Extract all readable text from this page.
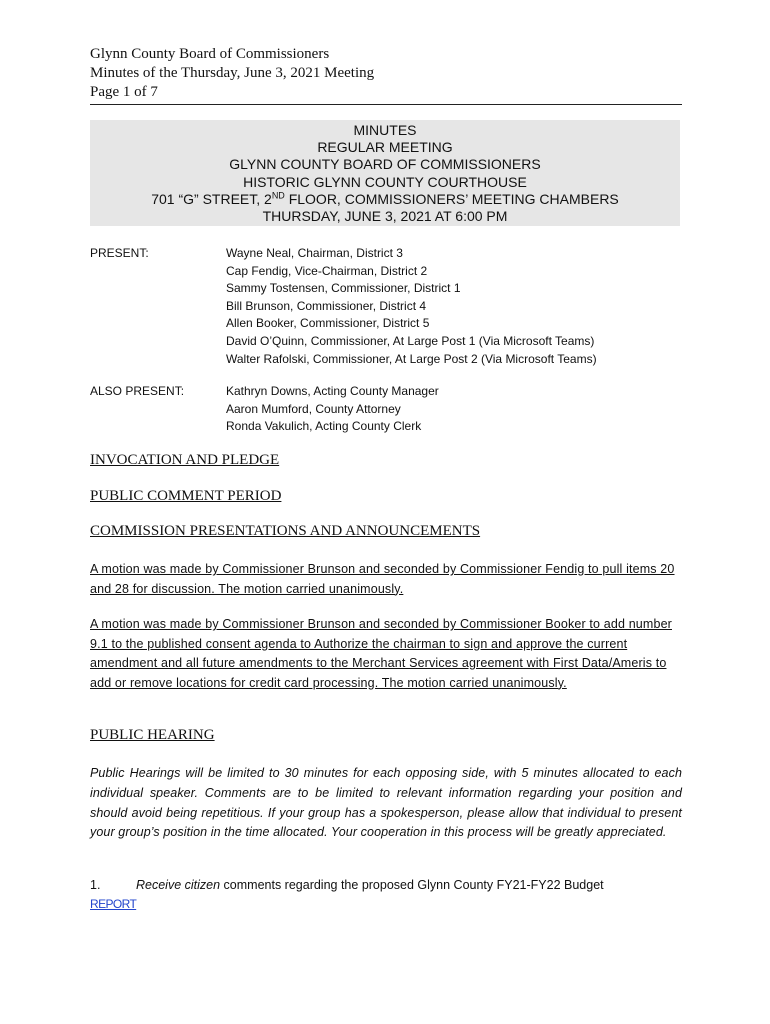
Glynn County Board of Commissioners
Minutes of the Thursday, June 3, 2021 Meeting
Page 1 of 7
MINUTES
REGULAR MEETING
GLYNN COUNTY BOARD OF COMMISSIONERS
HISTORIC GLYNN COUNTY COURTHOUSE
701 “G” STREET, 2ND FLOOR, COMMISSIONERS’ MEETING CHAMBERS
THURSDAY, JUNE 3, 2021 AT 6:00 PM
PRESENT:	Wayne Neal, Chairman, District 3
Cap Fendig, Vice-Chairman, District 2
Sammy Tostensen, Commissioner, District 1
Bill Brunson, Commissioner, District 4
Allen Booker, Commissioner, District 5
David O’Quinn, Commissioner, At Large Post 1 (Via Microsoft Teams)
Walter Rafolski, Commissioner, At Large Post 2 (Via Microsoft Teams)
ALSO PRESENT:	Kathryn Downs, Acting County Manager
Aaron Mumford, County Attorney
Ronda Vakulich, Acting County Clerk
INVOCATION AND PLEDGE
PUBLIC COMMENT PERIOD
COMMISSION PRESENTATIONS AND ANNOUNCEMENTS
A motion was made by Commissioner Brunson and seconded by Commissioner Fendig to pull items 20 and 28 for discussion. The motion carried unanimously.
A motion was made by Commissioner Brunson and seconded by Commissioner Booker to add number 9.1 to the published consent agenda to Authorize the chairman to sign and approve the current amendment and all future amendments to the Merchant Services agreement with First Data/Ameris to add or remove locations for credit card processing. The motion carried unanimously.
PUBLIC HEARING
Public Hearings will be limited to 30 minutes for each opposing side, with 5 minutes allocated to each individual speaker. Comments are to be limited to relevant information regarding your position and should avoid being repetitious. If your group has a spokesperson, please allow that individual to present your group’s position in the time allocated. Your cooperation in this process will be greatly appreciated.
1.	Receive citizen comments regarding the proposed Glynn County FY21-FY22 Budget
REPORT
